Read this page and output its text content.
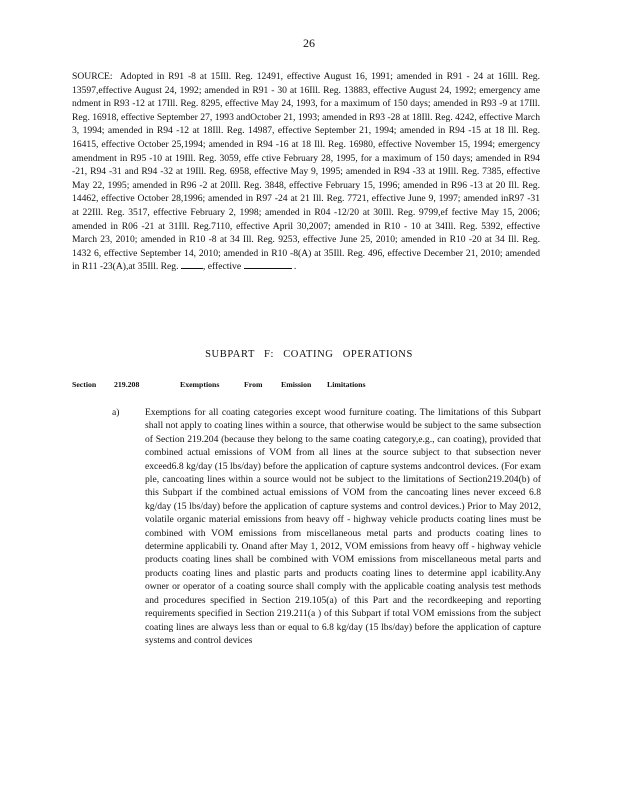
26
SOURCE: Adopted in R91 -8 at 15Ill. Reg. 12491, effective August 16, 1991; amended in R91 - 24 at 16Ill. Reg. 13597,effective August 24, 1992; amended in R91 - 30 at 16Ill. Reg. 13883, effective August 24, 1992; emergency ame ndment in R93 -12 at 17Ill. Reg. 8295, effective May 24, 1993, for a maximum of 150 days; amended in R93 -9 at 17Ill. Reg. 16918, effective September 27, 1993 andOctober 21, 1993; amended in R93 -28 at 18Ill. Reg. 4242, effective March 3, 1994; amended in R94 -12 at 18Ill. Reg. 14987, effective September 21, 1994; amended in R94 -15 at 18 Ill. Reg. 16415, effective October 25,1994; amended in R94 -16 at 18 Ill. Reg. 16980, effective November 15, 1994; emergency amendment in R95 -10 at 19Ill. Reg. 3059, effe ctive February 28, 1995, for a maximum of 150 days; amended in R94 -21, R94 -31 and R94 -32 at 19Ill. Reg. 6958, effective May 9, 1995; amended in R94 -33 at 19Ill. Reg. 7385, effective May 22, 1995; amended in R96 -2 at 20Ill. Reg. 3848, effective February 15, 1996; amended in R96 -13 at 20 Ill. Reg. 14462, effective October 28,1996; amended in R97 -24 at 21 Ill. Reg. 7721, effective June 9, 1997; amended inR97 -31 at 22Ill. Reg. 3517, effective February 2, 1998; amended in R04 -12/20 at 30Ill. Reg. 9799,ef fective May 15, 2006; amended in R06 -21 at 31Ill. Reg.7110, effective April 30,2007; amended in R10 - 10 at 34Ill. Reg. 5392, effective March 23, 2010; amended in R10 -8 at 34 Ill. Reg. 9253, effective June 25, 2010; amended in R10 -20 at 34 Ill. Reg. 1432 6, effective September 14, 2010; amended in R10 -8(A) at 35Ill. Reg. 496, effective December 21, 2010; amended in R11 -23(A),at 35Ill. Reg.	, effective	.
SUBPART F: COATING OPERATIONS
Section 219.208	Exemptions	From Emission Limitations
a)	Exemptions for all coating categories except wood furniture coating. The limitations of this Subpart shall not apply to coating lines within a source, that otherwise would be subject to the same subsection of Section 219.204 (because they belong to the same coating category,e.g., can coating), provided that combined actual emissions of VOM from all lines at the source subject to that subsection never exceed6.8 kg/day (15 lbs/day) before the application of capture systems andcontrol devices. (For exam ple, cancoating lines within a source would not be subject to the limitations of Section219.204(b) of this Subpart if the combined actual emissions of VOM from the cancoating lines never exceed 6.8 kg/day (15 lbs/day) before the application of capture systems and control devices.) Prior to May 2012, volatile organic material emissions from heavy off - highway vehicle products coating lines must be combined with VOM emissions from miscellaneous metal parts and products coating lines to determine applicabili ty. Onand after May 1, 2012, VOM emissions from heavy off - highway vehicle products coating lines shall be combined with VOM emissions from miscellaneous metal parts and products coating lines and plastic parts and products coating lines to determine appl icability.Any owner or operator of a coating source shall comply with the applicable coating analysis test methods and procedures specified in Section 219.105(a) of this Part and the recordkeeping and reporting requirements specified in Section 219.211(a ) of this Subpart if total VOM emissions from the subject coating lines are always less than or equal to 6.8 kg/day (15 lbs/day) before the application of capture systems and control devices
